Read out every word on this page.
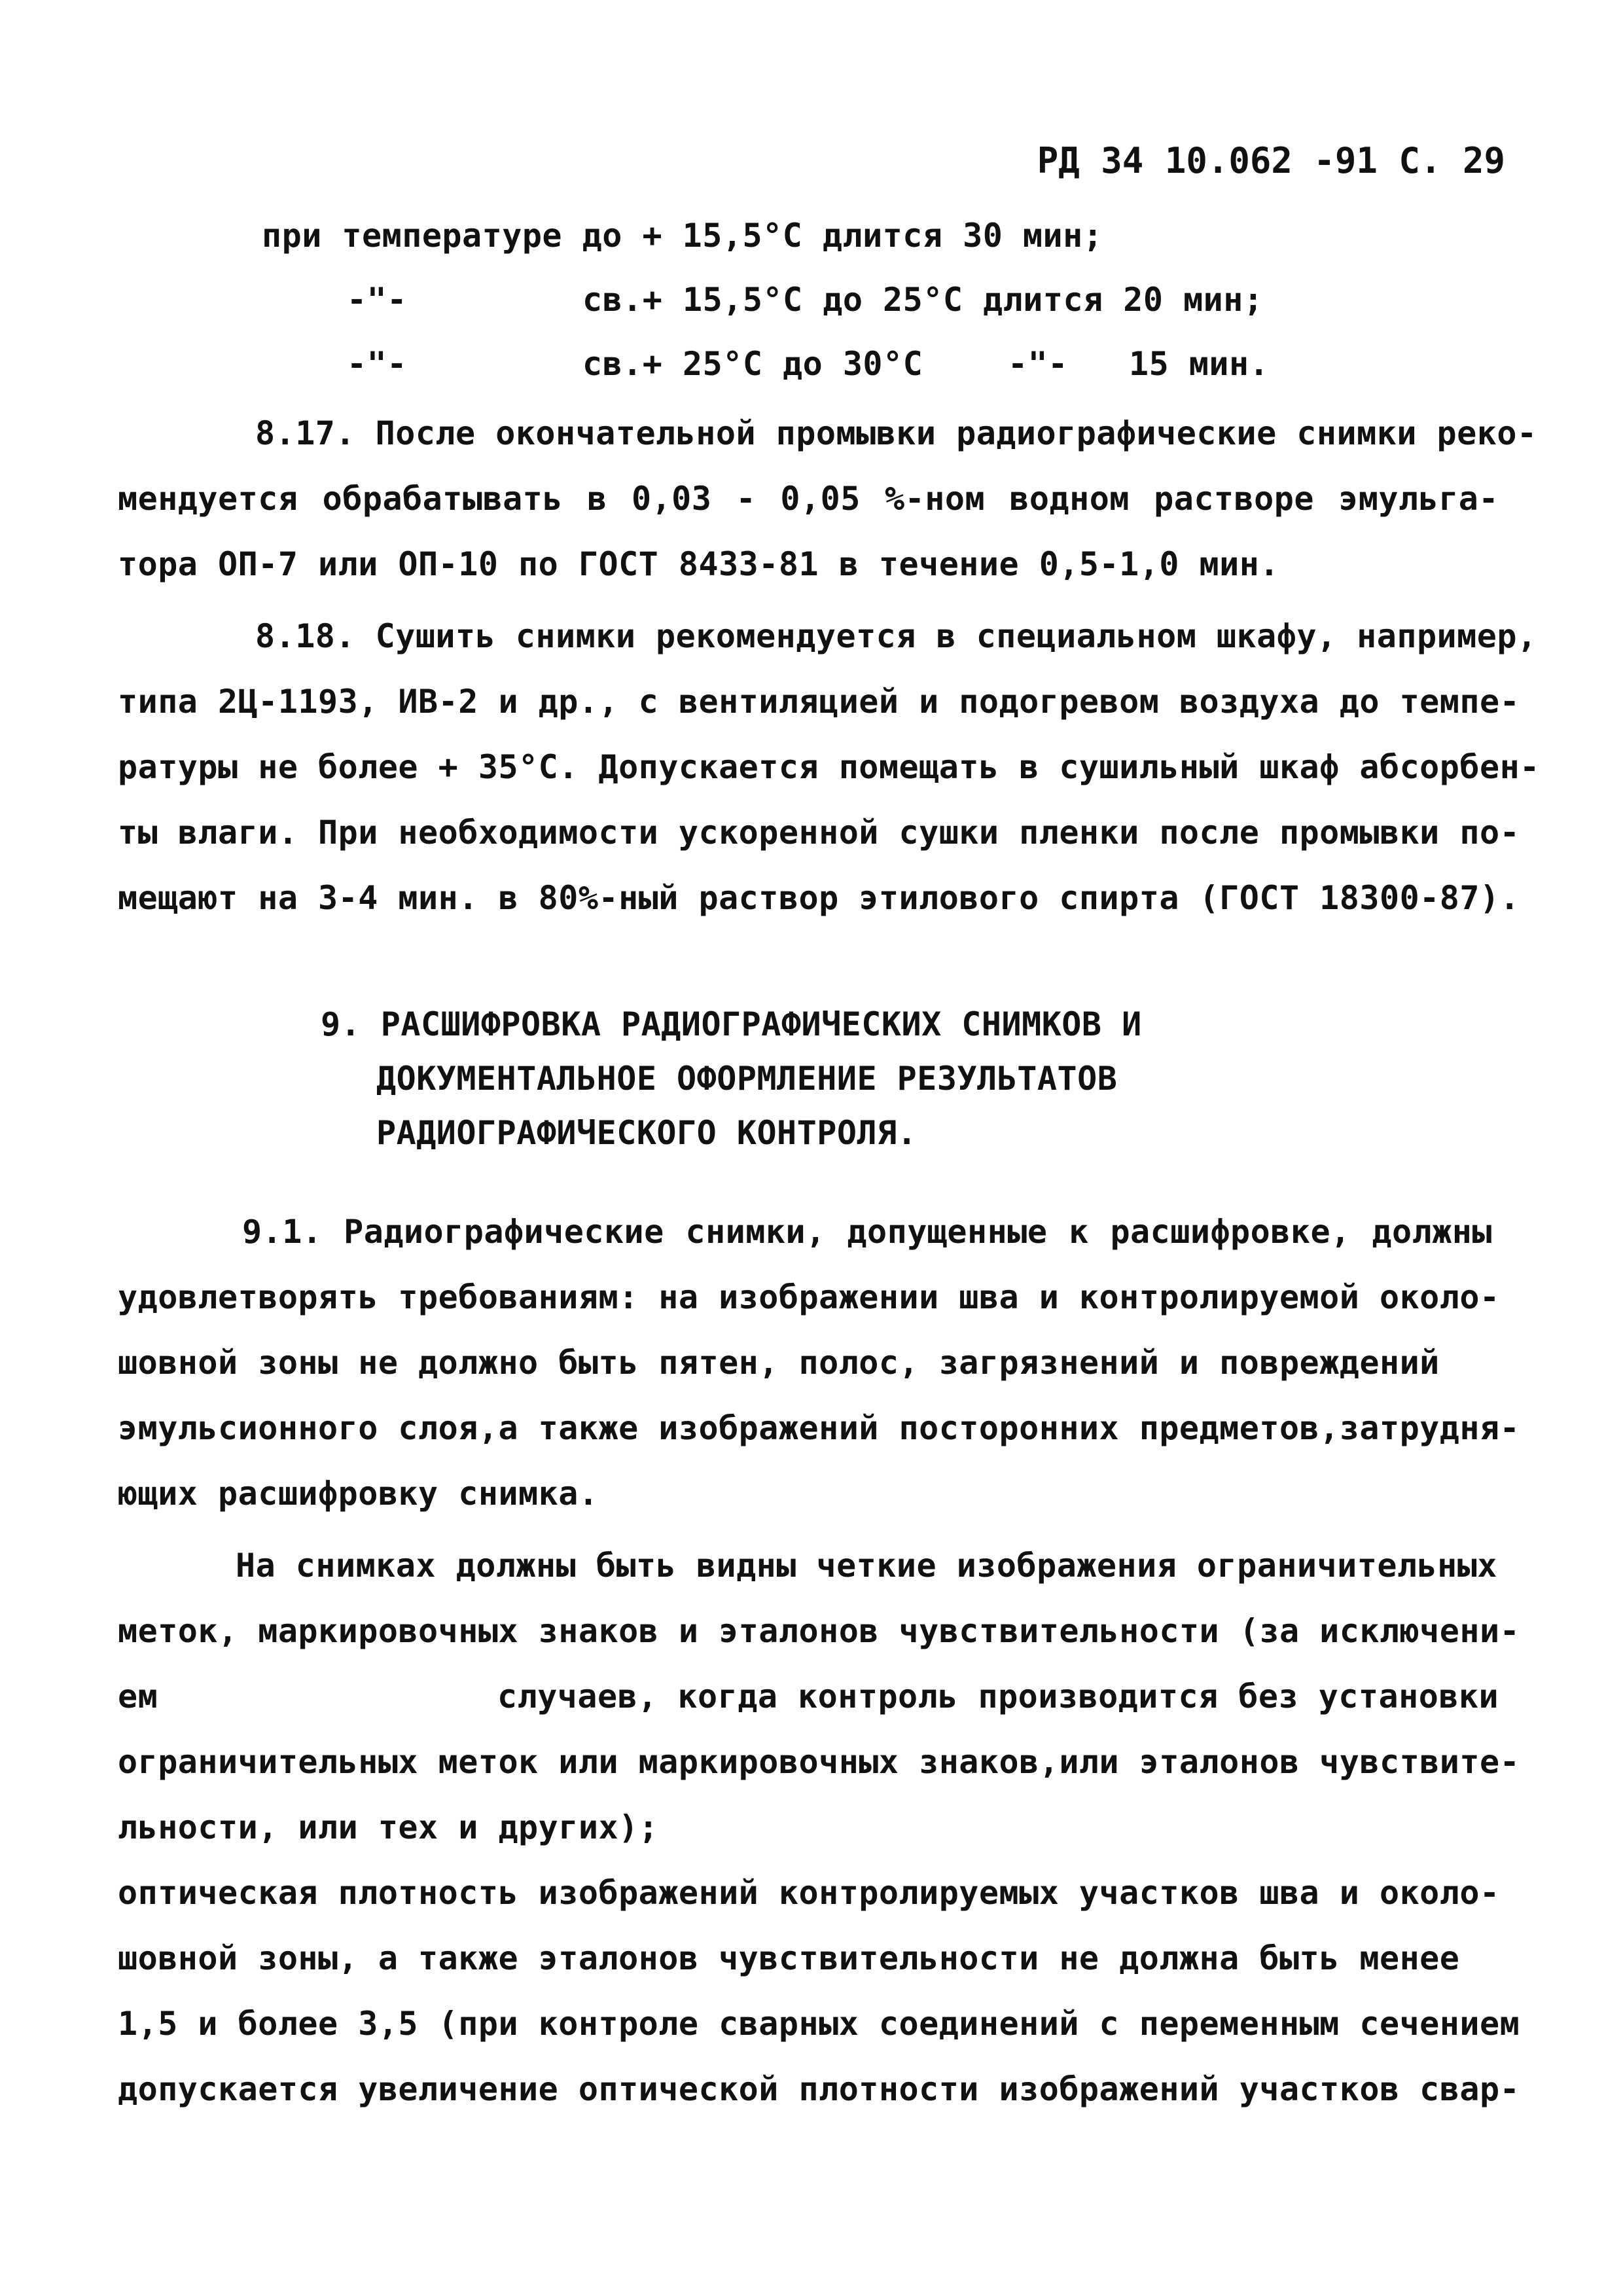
РД 34 10.062 -91 С. 29
при температуре до + 15,5°С длится 30 мин;
-"-	св.+ 15,5°С до 25°С длится 20 мин;
-"-	св.+ 25°С до 30°С	-"- 15 мин.
8.17. После окончательной промывки радиографические снимки реко-
мендуется обрабатывать в 0,03 - 0,05 %-ном водном растворе эмульга-
тора ОП-7 или ОП-10 по ГОСТ 8433-81 в течение 0,5-1,0 мин.
8.18. Сушить снимки рекомендуется в специальном шкафу, например,
типа 2Ц-1193, ИВ-2 и др., с вентиляцией и подогревом воздуха до темпе-
ратуры не более + 35°С. Допускается помещать в сушильный шкаф абсорбен-
ты влаги. При необходимости ускоренной сушки пленки после промывки по-
мещают на 3-4 мин. в 80%-ный раствор этилового спирта (ГОСТ 18300-87).
9. РАСШИФРОВКА РАДИОГРАФИЧЕСКИХ СНИМКОВ И
ДОКУМЕНТАЛЬНОЕ ОФОРМЛЕНИЕ РЕЗУЛЬТАТОВ
РАДИОГРАФИЧЕСКОГО КОНТРОЛЯ.
9.1. Радиографические снимки, допущенные к расшифровке, должны
удовлетворять требованиям: на изображении шва и контролируемой около-
шовной зоны не должно быть пятен, полос, загрязнений и повреждений
эмульсионного слоя,а также изображений посторонних предметов,затрудня-
ющих расшифровку снимка.
На снимках должны быть видны четкие изображения ограничительных
меток, маркировочных знаков и эталонов чувствительности (за исключени-
ем	случаев, когда контроль производится без установки
ограничительных меток или маркировочных знаков,или эталонов чувствите-
льности, или тех и других);
оптическая плотность изображений контролируемых участков шва и около-
шовной зоны, а также эталонов чувствительности не должна быть менее
1,5 и более 3,5 (при контроле сварных соединений с переменным сечением
допускается увеличение оптической плотности изображений участков свар-
